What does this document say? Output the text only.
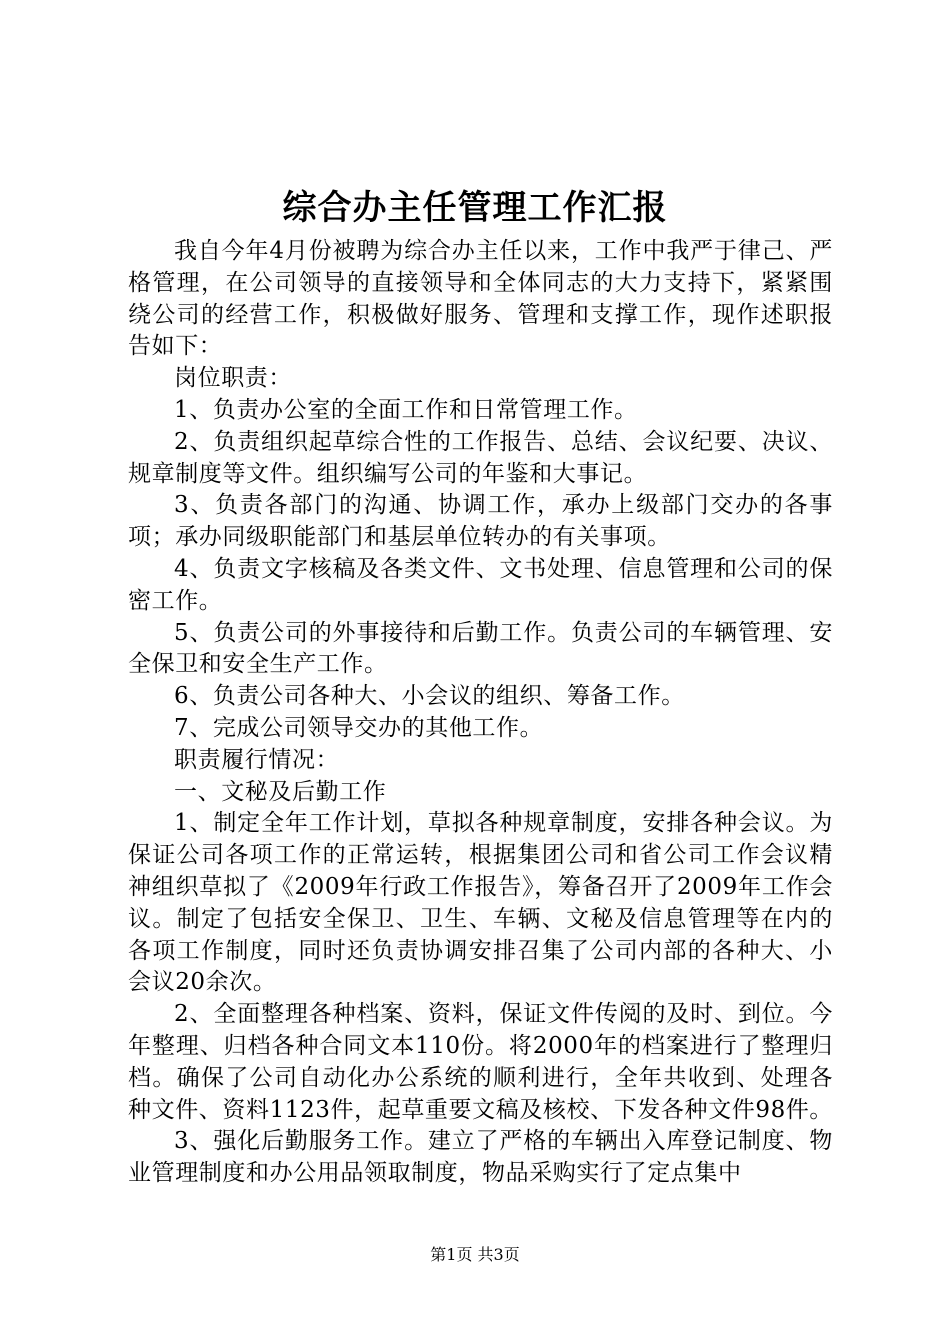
综合办主任管理工作汇报

我自今年4月份被聘为综合办主任以来，工作中我严于律己、严格管理，在公司领导的直接领导和全体同志的大力支持下，紧紧围绕公司的经营工作，积极做好服务、管理和支撑工作，现作述职报告如下：

岗位职责：

1、负责办公室的全面工作和日常管理工作。

2、负责组织起草综合性的工作报告、总结、会议纪要、决议、规章制度等文件。组织编写公司的年鉴和大事记。

3、负责各部门的沟通、协调工作，承办上级部门交办的各事项；承办同级职能部门和基层单位转办的有关事项。

4、负责文字核稿及各类文件、文书处理、信息管理和公司的保密工作。

5、负责公司的外事接待和后勤工作。负责公司的车辆管理、安全保卫和安全生产工作。

6、负责公司各种大、小会议的组织、筹备工作。

7、完成公司领导交办的其他工作。

职责履行情况：

一、文秘及后勤工作

1、制定全年工作计划，草拟各种规章制度，安排各种会议。为保证公司各项工作的正常运转，根据集团公司和省公司工作会议精神组织草拟了《2009年行政工作报告》，筹备召开了2009年工作会议。制定了包括安全保卫、卫生、车辆、文秘及信息管理等在内的各项工作制度，同时还负责协调安排召集了公司内部的各种大、小会议20余次。

2、全面整理各种档案、资料，保证文件传阅的及时、到位。今年整理、归档各种合同文本110份。将2000年的档案进行了整理归档。确保了公司自动化办公系统的顺利进行，全年共收到、处理各种文件、资料1123件，起草重要文稿及核校、下发各种文件98件。

3、强化后勤服务工作。建立了严格的车辆出入库登记制度、物业管理制度和办公用品领取制度，物品采购实行了定点集中

第1页 共3页
